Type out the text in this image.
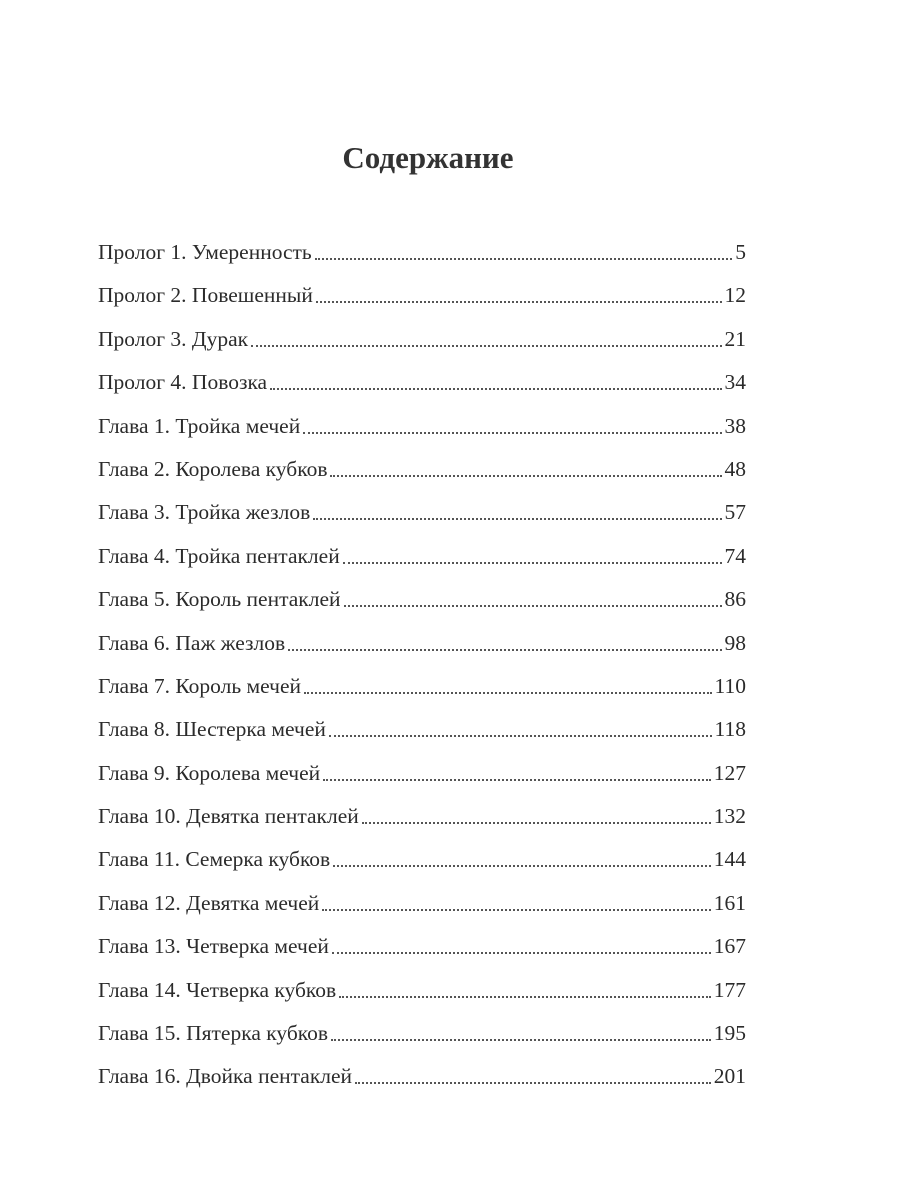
Содержание
Пролог 1. Умеренность	5
Пролог 2. Повешенный	12
Пролог 3. Дурак	21
Пролог 4. Повозка	34
Глава 1. Тройка мечей	38
Глава 2. Королева кубков	48
Глава 3. Тройка жезлов	57
Глава 4. Тройка пентаклей	74
Глава 5. Король пентаклей	86
Глава 6. Паж жезлов	98
Глава 7. Король мечей	110
Глава 8. Шестерка мечей	118
Глава 9. Королева мечей	127
Глава 10. Девятка пентаклей	132
Глава 11. Семерка кубков	144
Глава 12. Девятка мечей	161
Глава 13. Четверка мечей	167
Глава 14. Четверка кубков	177
Глава 15. Пятерка кубков	195
Глава 16. Двойка пентаклей	201
